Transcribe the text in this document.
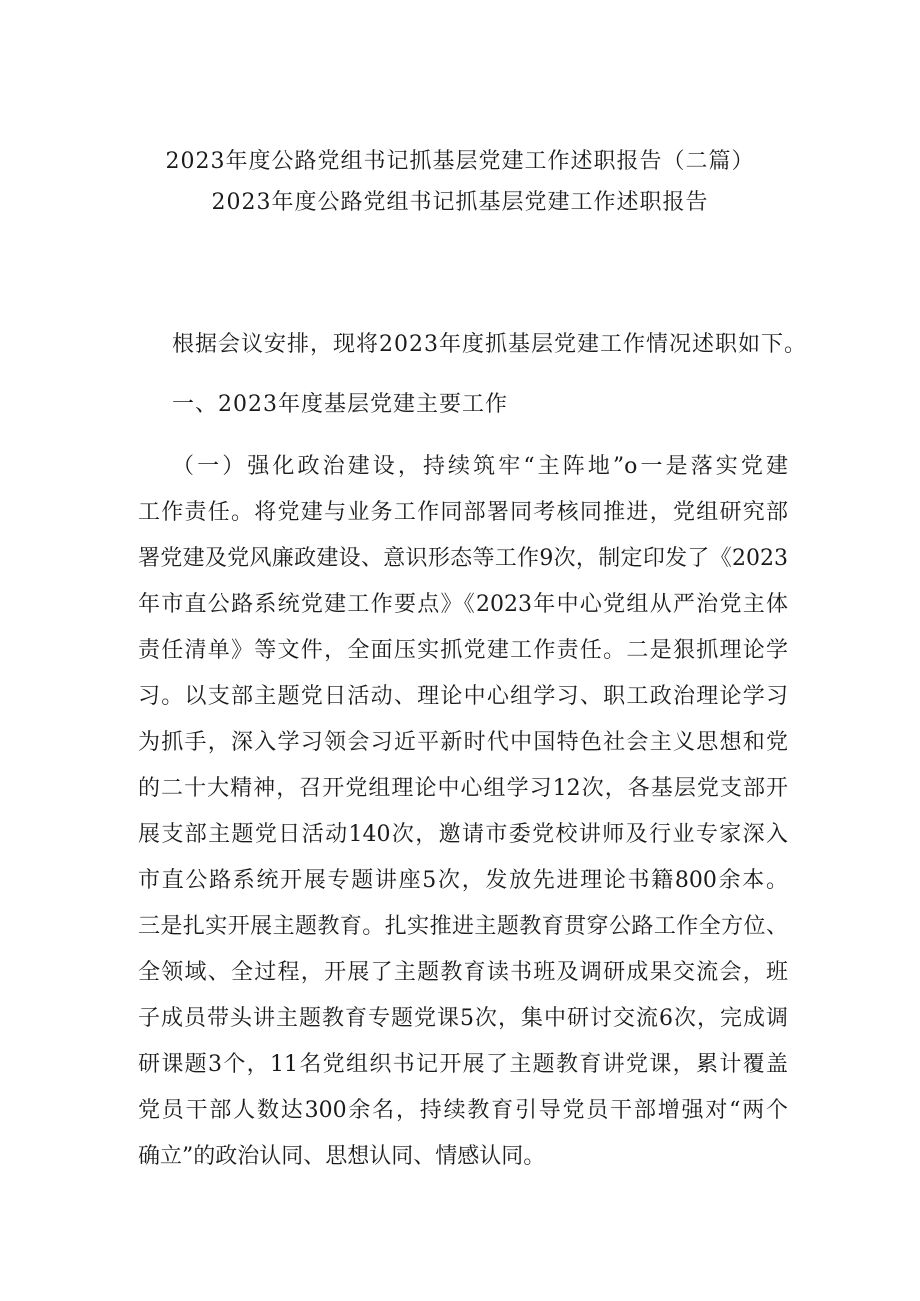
2023年度公路党组书记抓基层党建工作述职报告（二篇）
2023年度公路党组书记抓基层党建工作述职报告
根据会议安排，现将2023年度抓基层党建工作情况述职如下。
一、2023年度基层党建主要工作
（一）强化政治建设，持续筑牢“主阵地”o一是落实党建
工作责任。将党建与业务工作同部署同考核同推进，党组研究部
署党建及党风廉政建设、意识形态等工作9次，制定印发了《2023
年市直公路系统党建工作要点》《2023年中心党组从严治党主体
责任清单》等文件，全面压实抓党建工作责任。二是狠抓理论学
习。以支部主题党日活动、理论中心组学习、职工政治理论学习
为抓手，深入学习领会习近平新时代中国特色社会主义思想和党
的二十大精神，召开党组理论中心组学习12次，各基层党支部开
展支部主题党日活动140次，邀请市委党校讲师及行业专家深入
市直公路系统开展专题讲座5次，发放先进理论书籍800余本。
三是扎实开展主题教育。扎实推进主题教育贯穿公路工作全方位、
全领域、全过程，开展了主题教育读书班及调研成果交流会，班
子成员带头讲主题教育专题党课5次，集中研讨交流6次，完成调
研课题3个，11名党组织书记开展了主题教育讲党课，累计覆盖
党员干部人数达300余名，持续教育引导党员干部增强对“两个
确立”的政治认同、思想认同、情感认同。
